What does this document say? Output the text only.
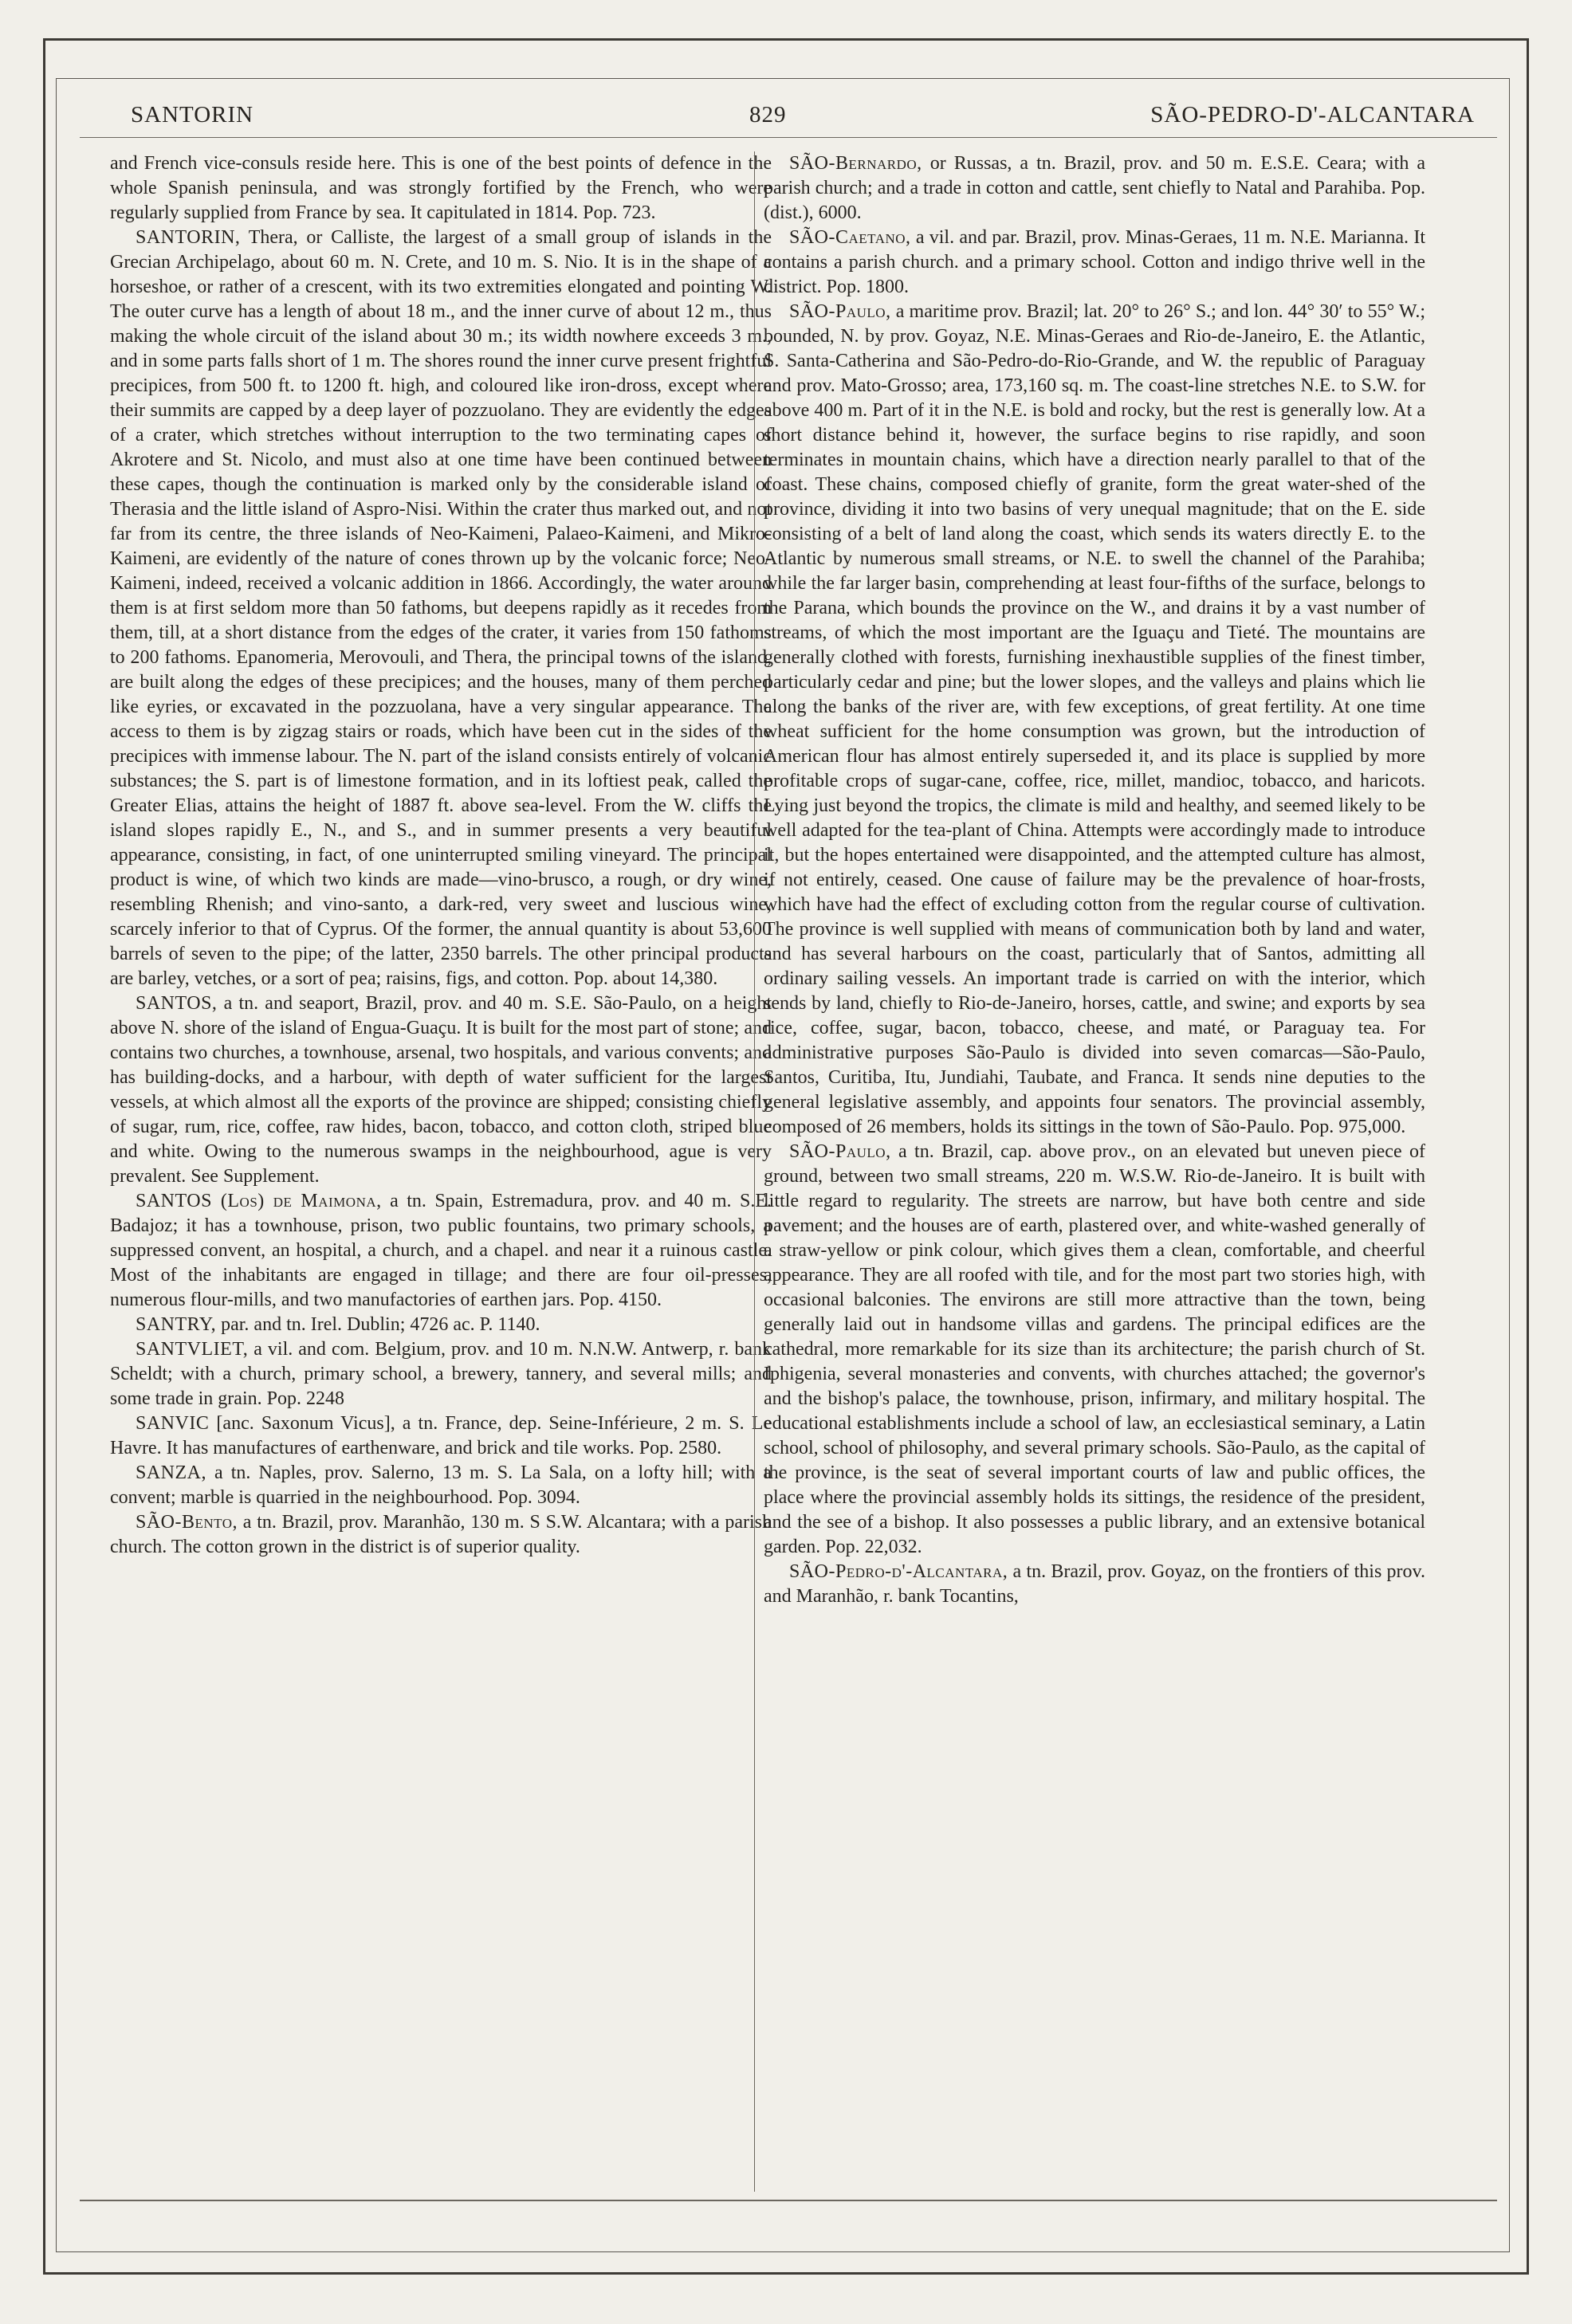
SANTORIN	829	SÃO-PEDRO-D'-ALCANTARA

and French vice-consuls reside here. This is one of the best points of defence in the whole Spanish peninsula, and was strongly fortified by the French, who were regularly supplied from France by sea. It capitulated in 1814. Pop. 723.

SANTORIN, Thera, or Calliste, the largest of a small group of islands in the Grecian Archipelago, about 60 m. N. Crete, and 10 m. S. Nio. It is in the shape of a horseshoe, or rather of a crescent, with its two extremities elongated and pointing W. The outer curve has a length of about 18 m., and the inner curve of about 12 m., thus making the whole circuit of the island about 30 m.; its width nowhere exceeds 3 m., and in some parts falls short of 1 m. The shores round the inner curve present frightful precipices, from 500 ft. to 1200 ft. high, and coloured like iron-dross, except where their summits are capped by a deep layer of pozzuolano. They are evidently the edges of a crater, which stretches without interruption to the two terminating capes of Akrotere and St. Nicolo, and must also at one time have been continued between these capes, though the continuation is marked only by the considerable island of Therasia and the little island of Aspro-Nisi. Within the crater thus marked out, and not far from its centre, the three islands of Neo-Kaimeni, Palaeo-Kaimeni, and Mikro-Kaimeni, are evidently of the nature of cones thrown up by the volcanic force; Neo-Kaimeni, indeed, received a volcanic addition in 1866. Accordingly, the water around them is at first seldom more than 50 fathoms, but deepens rapidly as it recedes from them, till, at a short distance from the edges of the crater, it varies from 150 fathoms to 200 fathoms. Epanomeria, Merovouli, and Thera, the principal towns of the island, are built along the edges of these precipices; and the houses, many of them perched like eyries, or excavated in the pozzuolana, have a very singular appearance. The access to them is by zigzag stairs or roads, which have been cut in the sides of the precipices with immense labour. The N. part of the island consists entirely of volcanic substances; the S. part is of limestone formation, and in its loftiest peak, called the Greater Elias, attains the height of 1887 ft. above sea-level. From the W. cliffs the island slopes rapidly E., N., and S., and in summer presents a very beautiful appearance, consisting, in fact, of one uninterrupted smiling vineyard. The principal product is wine, of which two kinds are made—vino-brusco, a rough, or dry wine, resembling Rhenish; and vino-santo, a dark-red, very sweet and luscious wine, scarcely inferior to that of Cyprus. Of the former, the annual quantity is about 53,600 barrels of seven to the pipe; of the latter, 2350 barrels. The other principal products are barley, vetches, or a sort of pea; raisins, figs, and cotton. Pop. about 14,380.

SANTOS, a tn. and seaport, Brazil, prov. and 40 m. S.E. São-Paulo, on a height above N. shore of the island of Engua-Guaçu. It is built for the most part of stone; and contains two churches, a townhouse, arsenal, two hospitals, and various convents; and has building-docks, and a harbour, with depth of water sufficient for the largest vessels, at which almost all the exports of the province are shipped; consisting chiefly of sugar, rum, rice, coffee, raw hides, bacon, tobacco, and cotton cloth, striped blue and white. Owing to the numerous swamps in the neighbourhood, ague is very prevalent. See Supplement.

SANTOS (Los) de Maimona, a tn. Spain, Estremadura, prov. and 40 m. S.E. Badajoz; it has a townhouse, prison, two public fountains, two primary schools, a suppressed convent, an hospital, a church, and a chapel. and near it a ruinous castle. Most of the inhabitants are engaged in tillage; and there are four oil-presses, numerous flour-mills, and two manufactories of earthen jars. Pop. 4150.

SANTRY, par. and tn. Irel. Dublin; 4726 ac. P. 1140.

SANTVLIET, a vil. and com. Belgium, prov. and 10 m. N.N.W. Antwerp, r. bank Scheldt; with a church, primary school, a brewery, tannery, and several mills; and some trade in grain. Pop. 2248

SANVIC [anc. Saxonum Vicus], a tn. France, dep. Seine-Inférieure, 2 m. S. Le Havre. It has manufactures of earthenware, and brick and tile works. Pop. 2580.

SANZA, a tn. Naples, prov. Salerno, 13 m. S. La Sala, on a lofty hill; with a convent; marble is quarried in the neighbourhood. Pop. 3094.

SÃO-Bento, a tn. Brazil, prov. Maranhão, 130 m. S S.W. Alcantara; with a parish church. The cotton grown in the district is of superior quality.

SÃO-Bernardo, or Russas, a tn. Brazil, prov. and 50 m. E.S.E. Ceara; with a parish church; and a trade in cotton and cattle, sent chiefly to Natal and Parahiba. Pop. (dist.), 6000.

SÃO-Caetano, a vil. and par. Brazil, prov. Minas-Geraes, 11 m. N.E. Marianna. It contains a parish church. and a primary school. Cotton and indigo thrive well in the district. Pop. 1800.

SÃO-Paulo, a maritime prov. Brazil; lat. 20° to 26° S.; and lon. 44° 30′ to 55° W.; bounded, N. by prov. Goyaz, N.E. Minas-Geraes and Rio-de-Janeiro, E. the Atlantic, S. Santa-Catherina and São-Pedro-do-Rio-Grande, and W. the republic of Paraguay and prov. Mato-Grosso; area, 173,160 sq. m. The coast-line stretches N.E. to S.W. for above 400 m. Part of it in the N.E. is bold and rocky, but the rest is generally low. At a short distance behind it, however, the surface begins to rise rapidly, and soon terminates in mountain chains, which have a direction nearly parallel to that of the coast. These chains, composed chiefly of granite, form the great water-shed of the province, dividing it into two basins of very unequal magnitude; that on the E. side consisting of a belt of land along the coast, which sends its waters directly E. to the Atlantic by numerous small streams, or N.E. to swell the channel of the Parahiba; while the far larger basin, comprehending at least four-fifths of the surface, belongs to the Parana, which bounds the province on the W., and drains it by a vast number of streams, of which the most important are the Iguaçu and Tieté. The mountains are generally clothed with forests, furnishing inexhaustible supplies of the finest timber, particularly cedar and pine; but the lower slopes, and the valleys and plains which lie along the banks of the river are, with few exceptions, of great fertility. At one time wheat sufficient for the home consumption was grown, but the introduction of American flour has almost entirely superseded it, and its place is supplied by more profitable crops of sugar-cane, coffee, rice, millet, mandioc, tobacco, and haricots. Lying just beyond the tropics, the climate is mild and healthy, and seemed likely to be well adapted for the tea-plant of China. Attempts were accordingly made to introduce it, but the hopes entertained were disappointed, and the attempted culture has almost, if not entirely, ceased. One cause of failure may be the prevalence of hoar-frosts, which have had the effect of excluding cotton from the regular course of cultivation. The province is well supplied with means of communication both by land and water, and has several harbours on the coast, particularly that of Santos, admitting all ordinary sailing vessels. An important trade is carried on with the interior, which sends by land, chiefly to Rio-de-Janeiro, horses, cattle, and swine; and exports by sea rice, coffee, sugar, bacon, tobacco, cheese, and maté, or Paraguay tea. For administrative purposes São-Paulo is divided into seven comarcas—São-Paulo, Santos, Curitiba, Itu, Jundiahi, Taubate, and Franca. It sends nine deputies to the general legislative assembly, and appoints four senators. The provincial assembly, composed of 26 members, holds its sittings in the town of São-Paulo. Pop. 975,000.

SÃO-Paulo, a tn. Brazil, cap. above prov., on an elevated but uneven piece of ground, between two small streams, 220 m. W.S.W. Rio-de-Janeiro. It is built with little regard to regularity. The streets are narrow, but have both centre and side pavement; and the houses are of earth, plastered over, and white-washed generally of a straw-yellow or pink colour, which gives them a clean, comfortable, and cheerful appearance. They are all roofed with tile, and for the most part two stories high, with occasional balconies. The environs are still more attractive than the town, being generally laid out in handsome villas and gardens. The principal edifices are the cathedral, more remarkable for its size than its architecture; the parish church of St. Iphigenia, several monasteries and convents, with churches attached; the governor's and the bishop's palace, the townhouse, prison, infirmary, and military hospital. The educational establishments include a school of law, an ecclesiastical seminary, a Latin school, school of philosophy, and several primary schools. São-Paulo, as the capital of the province, is the seat of several important courts of law and public offices, the place where the provincial assembly holds its sittings, the residence of the president, and the see of a bishop. It also possesses a public library, and an extensive botanical garden. Pop. 22,032.

SÃO-Pedro-d'-Alcantara, a tn. Brazil, prov. Goyaz, on the frontiers of this prov. and Maranhão, r. bank Tocantins,
